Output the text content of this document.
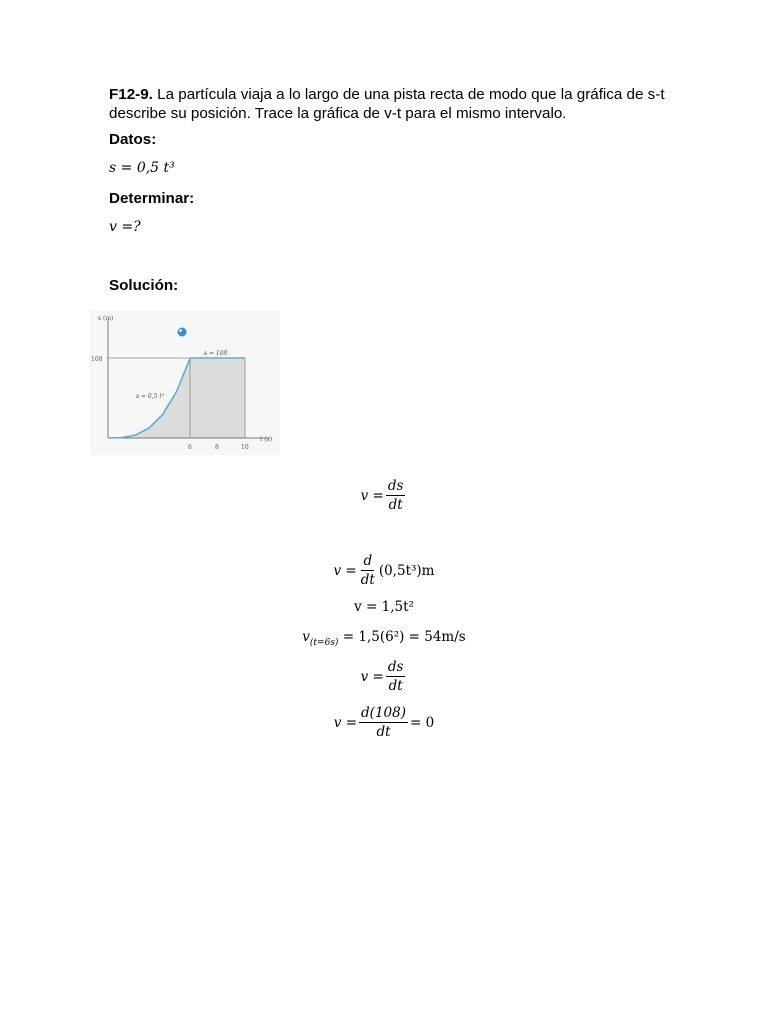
F12-9. La partícula viaja a lo largo de una pista recta de modo que la gráfica de s-t describe su posición. Trace la gráfica de v-t para el mismo intervalo.
Datos:
s = 0,5 t³
Determinar:
v =?
Solución:
s (m)
t (s)
108
6	8	10
s = 0,5 t³
s = 108
$v = \frac{ds}{dt}$
$v = \frac{d}{dt} (0,5t^3)m$
v = 1,5t²
$v_{(t=6s)} = 1,5(6^2) = 54m/s$
$v = \frac{ds}{dt}$
$v = \frac{d(108)}{dt} = 0$
